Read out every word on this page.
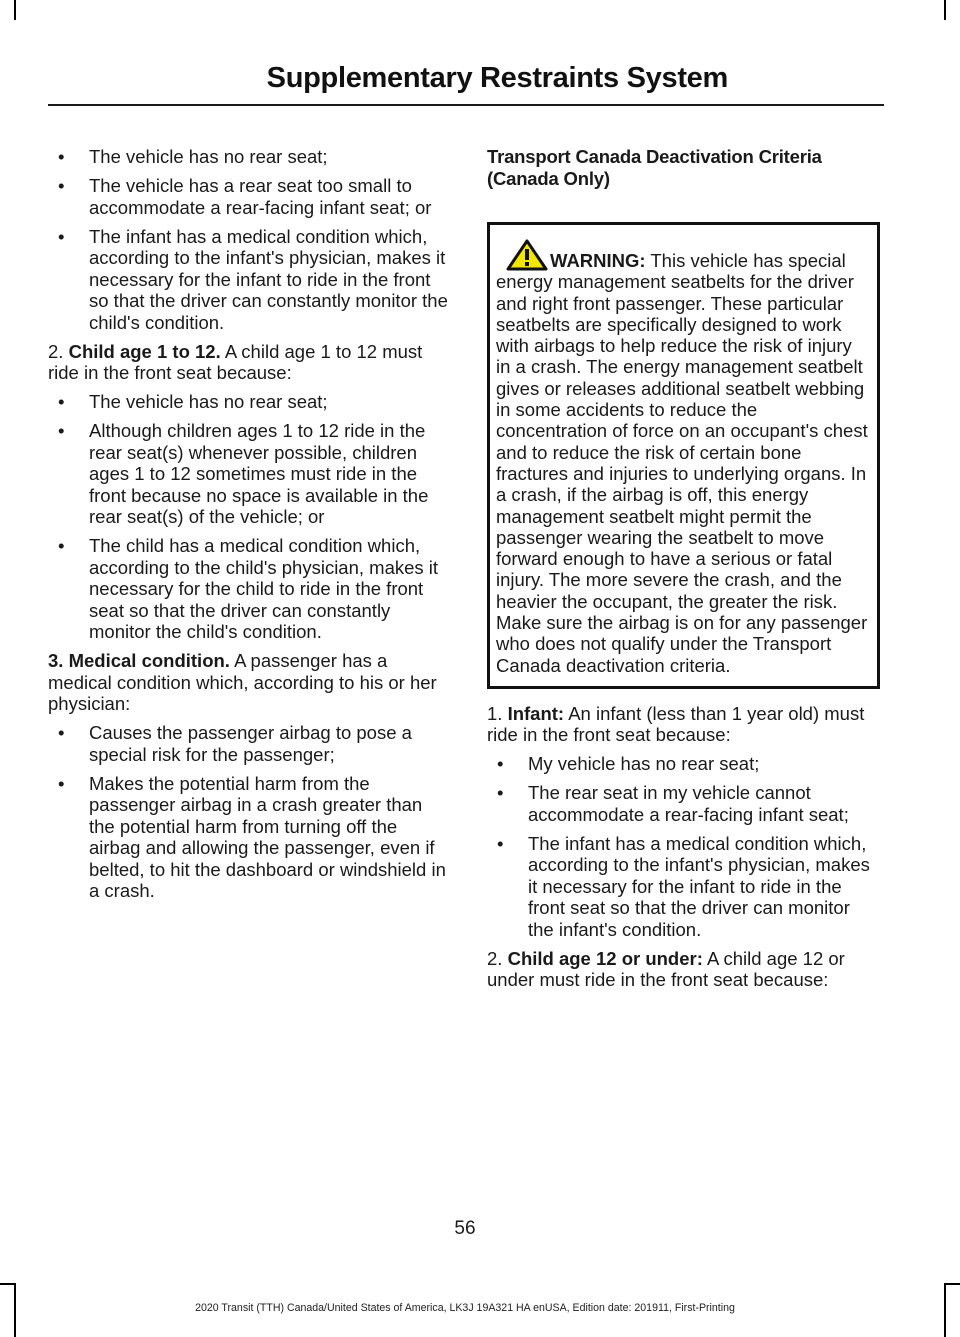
Supplementary Restraints System
• The vehicle has no rear seat;
• The vehicle has a rear seat too small to accommodate a rear-facing infant seat; or
• The infant has a medical condition which, according to the infant's physician, makes it necessary for the infant to ride in the front so that the driver can constantly monitor the child's condition.

2. Child age 1 to 12. A child age 1 to 12 must ride in the front seat because:

• The vehicle has no rear seat;
• Although children ages 1 to 12 ride in the rear seat(s) whenever possible, children ages 1 to 12 sometimes must ride in the front because no space is available in the rear seat(s) of the vehicle; or
• The child has a medical condition which, according to the child's physician, makes it necessary for the child to ride in the front seat so that the driver can constantly monitor the child's condition.

3. Medical condition. A passenger has a medical condition which, according to his or her physician:

• Causes the passenger airbag to pose a special risk for the passenger;
• Makes the potential harm from the passenger airbag in a crash greater than the potential harm from turning off the airbag and allowing the passenger, even if belted, to hit the dashboard or windshield in a crash.
Transport Canada Deactivation Criteria (Canada Only)
WARNING: This vehicle has special energy management seatbelts for the driver and right front passenger. These particular seatbelts are specifically designed to work with airbags to help reduce the risk of injury in a crash. The energy management seatbelt gives or releases additional seatbelt webbing in some accidents to reduce the concentration of force on an occupant's chest and to reduce the risk of certain bone fractures and injuries to underlying organs. In a crash, if the airbag is off, this energy management seatbelt might permit the passenger wearing the seatbelt to move forward enough to have a serious or fatal injury. The more severe the crash, and the heavier the occupant, the greater the risk. Make sure the airbag is on for any passenger who does not qualify under the Transport Canada deactivation criteria.

1. Infant: An infant (less than 1 year old) must ride in the front seat because:

• My vehicle has no rear seat;
• The rear seat in my vehicle cannot accommodate a rear-facing infant seat;
• The infant has a medical condition which, according to the infant's physician, makes it necessary for the infant to ride in the front seat so that the driver can monitor the infant's condition.

2. Child age 12 or under: A child age 12 or under must ride in the front seat because:

56
2020 Transit (TTH) Canada/United States of America, LK3J 19A321 HA enUSA, Edition date: 201911, First-Printing
